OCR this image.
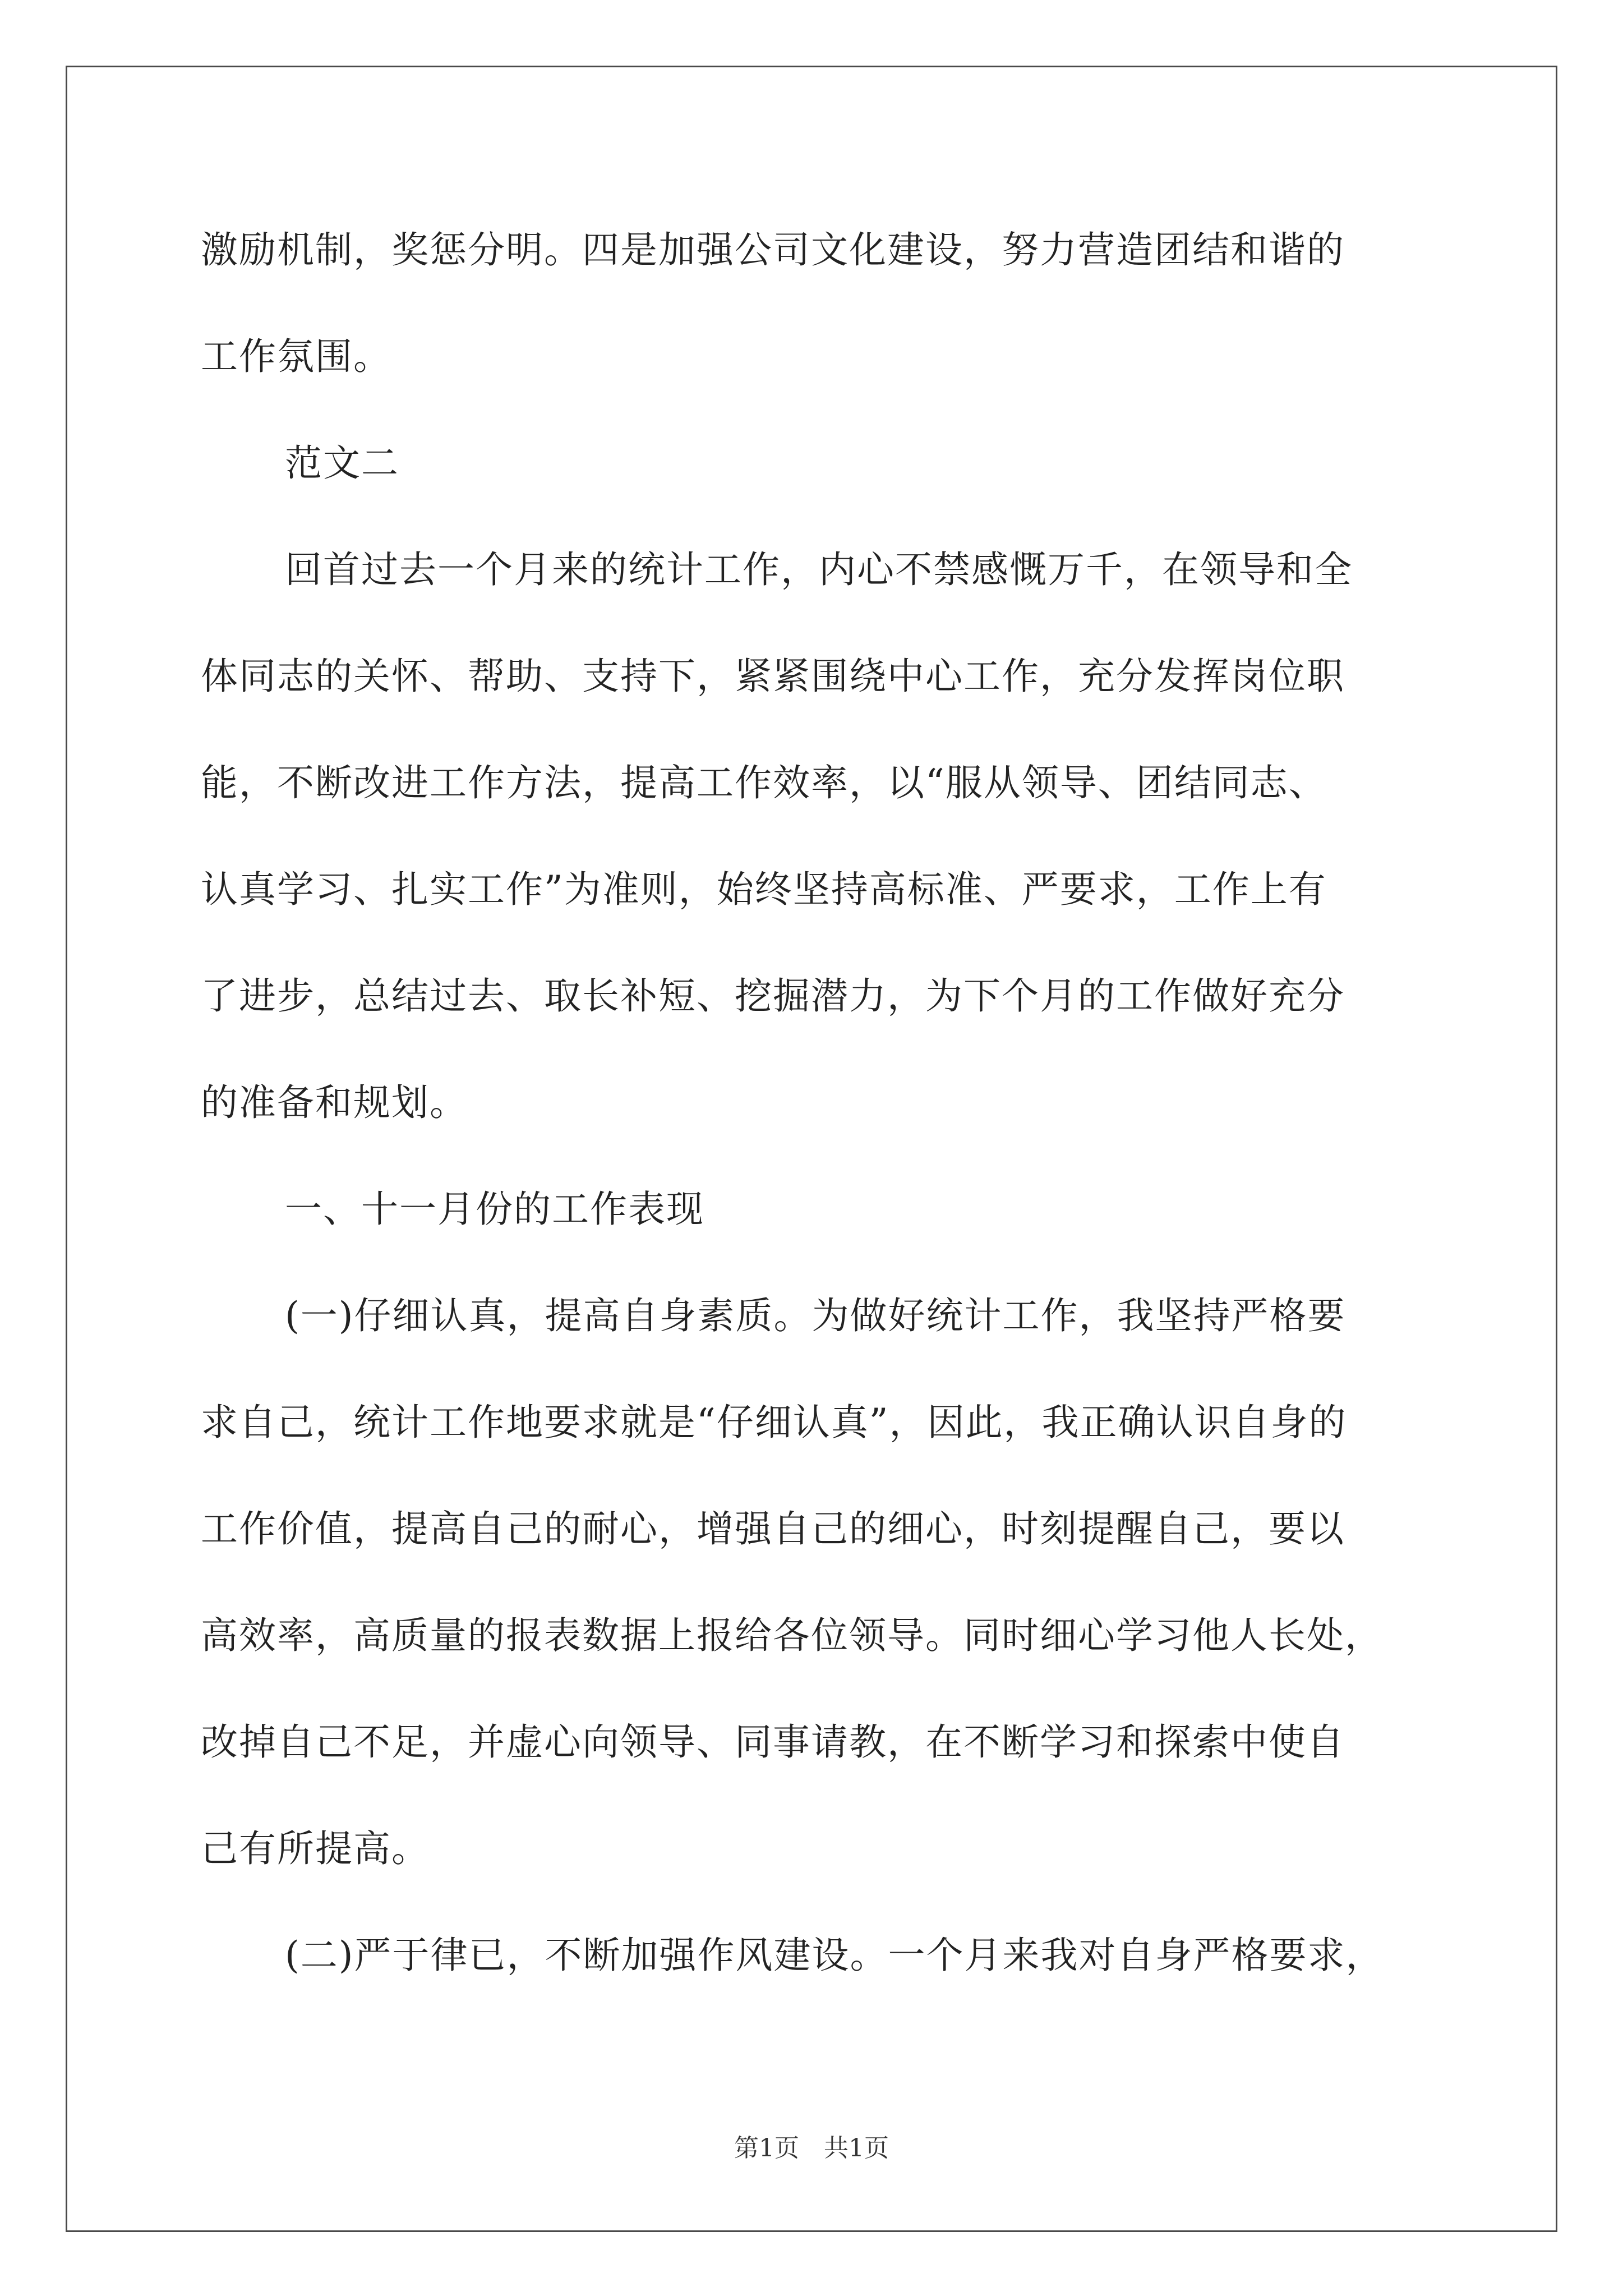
激励机制，奖惩分明。四是加强公司文化建设，努力营造团结和谐的
工作氛围。
范文二
回首过去一个月来的统计工作，内心不禁感慨万千，在领导和全
体同志的关怀、帮助、支持下，紧紧围绕中心工作，充分发挥岗位职
能，不断改进工作方法，提高工作效率，以“服从领导、团结同志、
认真学习、扎实工作”为准则，始终坚持高标准、严要求，工作上有
了进步，总结过去、取长补短、挖掘潜力，为下个月的工作做好充分
的准备和规划。
一、十一月份的工作表现
(一)仔细认真，提高自身素质。为做好统计工作，我坚持严格要
求自己，统计工作地要求就是“仔细认真”，因此，我正确认识自身的
工作价值，提高自己的耐心，增强自己的细心，时刻提醒自己，要以
高效率，高质量的报表数据上报给各位领导。同时细心学习他人长处，
改掉自己不足，并虚心向领导、同事请教，在不断学习和探索中使自
己有所提高。
(二)严于律已，不断加强作风建设。一个月来我对自身严格要求，
第1页　共1页
